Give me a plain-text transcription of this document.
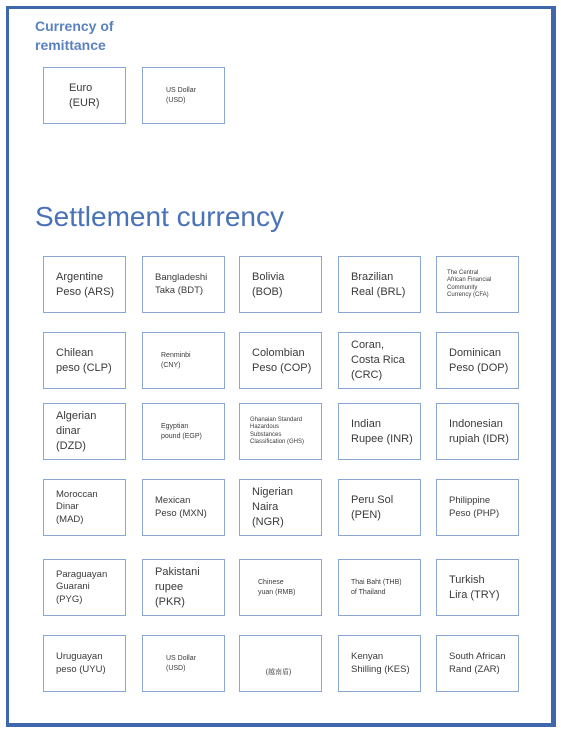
Currency of
remittance
Euro
(EUR)
US Dollar
(USD)
Settlement currency
Argentine
Peso (ARS)
Bangladeshi
Taka (BDT)
Bolivia
(BOB)
Brazilian
Real (BRL)
The Central
African Financial
Community
Currency (CFA)
Chilean
peso (CLP)
Renminbi
(CNY)
Colombian
Peso (COP)
Coran,
Costa Rica
(CRC)
Dominican
Peso (DOP)
Algerian
dinar
(DZD)
Egyptian
pound (EGP)
Ghanaian Standard
Hazardous
Substances
Classification (GHS)
Indian
Rupee (INR)
Indonesian
rupiah (IDR)
Moroccan
Dinar
(MAD)
Mexican
Peso (MXN)
Nigerian
Naira
(NGR)
Peru Sol
(PEN)
Philippine
Peso (PHP)
Paraguayan
Guarani
(PYG)
Pakistani
rupee
(PKR)
Chinese
yuan (RMB)
Thai Baht (THB)
of Thailand
Turkish
Lira (TRY)
Uruguayan
peso (UYU)
US Dollar
(USD)
(越南盾)
Kenyan
Shilling (KES)
South African
Rand (ZAR)
